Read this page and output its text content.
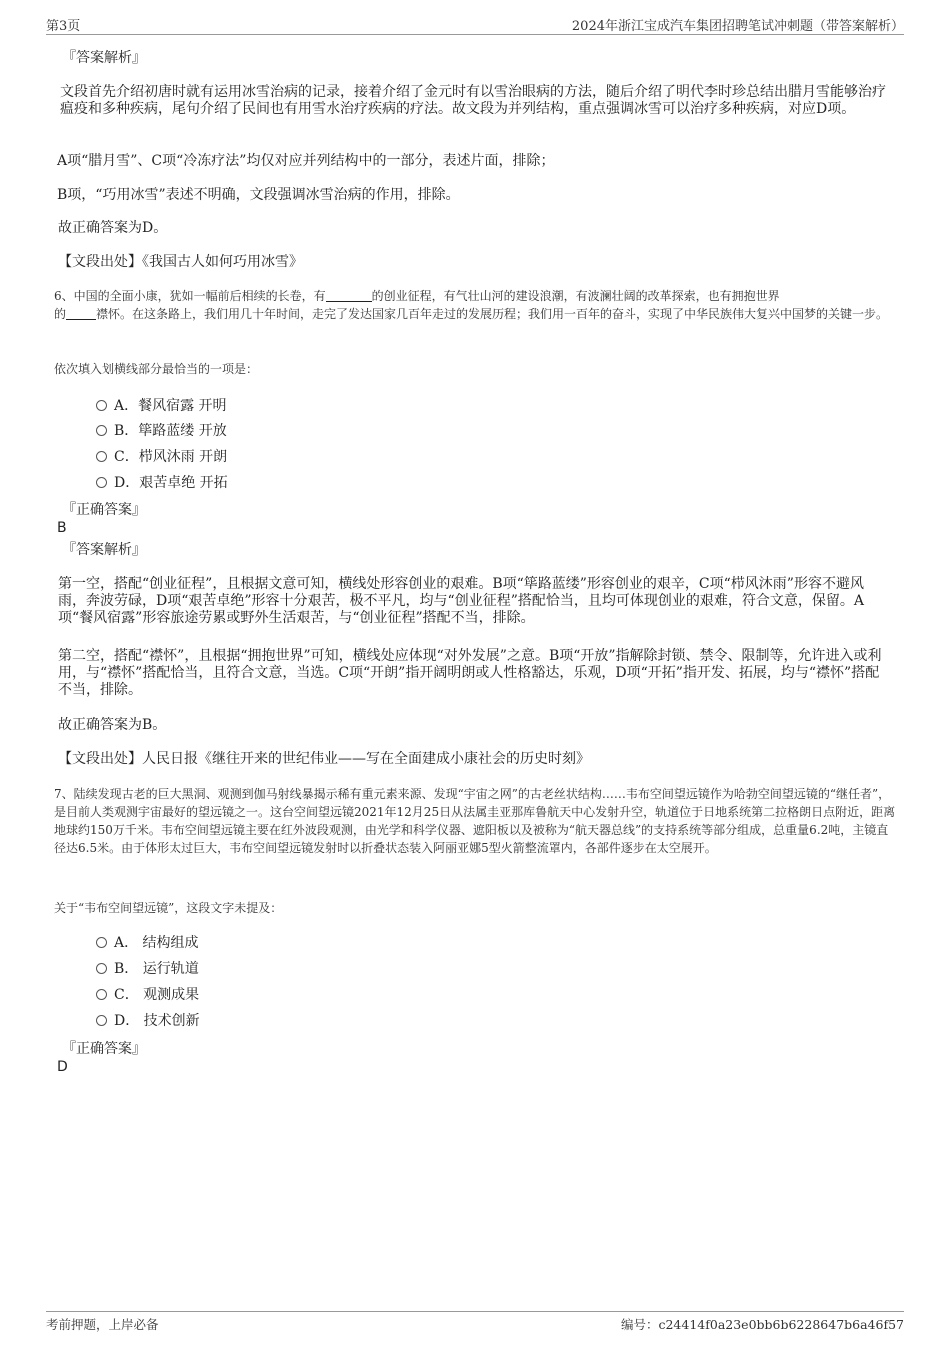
第3页	2024年浙江宝成汽车集团招聘笔试冲刺题（带答案解析）
『答案解析』
文段首先介绍初唐时就有运用冰雪治病的记录，接着介绍了金元时有以雪治眼病的方法，随后介绍了明代李时珍总结出腊月雪能够治疗瘟疫和多种疾病，尾句介绍了民间也有用雪水治疗疾病的疗法。故文段为并列结构，重点强调冰雪可以治疗多种疾病，对应D项。
A项“腊月雪”、C项“冷冻疗法”均仅对应并列结构中的一部分，表述片面，排除；
B项，“巧用冰雪”表述不明确，文段强调冰雪治病的作用，排除。
故正确答案为D。
【文段出处】《我国古人如何巧用冰雪》
6、中国的全面小康，犹如一幅前后相续的长卷，有	的创业征程，有气壮山河的建设浪潮，有波澜壮阔的改革探索，也有拥抱世界
的	襟怀。在这条路上，我们用几十年时间，走完了发达国家几百年走过的发展历程；我们用一百年的奋斗，实现了中华民族伟大复兴中国梦的关键一步。
依次填入划横线部分最恰当的一项是：
A．餐风宿露 开明
B．筚路蓝缕 开放
C．栉风沐雨 开朗
D．艰苦卓绝 开拓
『正确答案』
B
『答案解析』
第一空，搭配“创业征程”，且根据文意可知，横线处形容创业的艰难。B项“筚路蓝缕”形容创业的艰辛，C项“栉风沐雨”形容不避风雨，奔波劳碌，D项“艰苦卓绝”形容十分艰苦，极不平凡，均与“创业征程”搭配恰当，且均可体现创业的艰难，符合文意，保留。A项“餐风宿露”形容旅途劳累或野外生活艰苦，与“创业征程”搭配不当，排除。
第二空，搭配“襟怀”，且根据“拥抱世界”可知，横线处应体现“对外发展”之意。B项“开放”指解除封锁、禁令、限制等，允许进入或利用，与“襟怀”搭配恰当，且符合文意，当选。C项“开朗”指开阔明朗或人性格豁达，乐观，D项“开拓”指开发、拓展，均与“襟怀”搭配不当，排除。
故正确答案为B。
【文段出处】人民日报《继往开来的世纪伟业——写在全面建成小康社会的历史时刻》
7、陆续发现古老的巨大黑洞、观测到伽马射线暴揭示稀有重元素来源、发现“宇宙之网”的古老丝状结构……韦布空间望远镜作为哈勃空间望远镜的“继任者”，是目前人类观测宇宙最好的望远镜之一。这台空间望远镜2021年12月25日从法属圭亚那库鲁航天中心发射升空，轨道位于日地系统第二拉格朗日点附近，距离地球约150万千米。韦布空间望远镜主要在红外波段观测，由光学和科学仪器、遮阳板以及被称为“航天器总线”的支持系统等部分组成，总重量6.2吨，主镜直径达6.5米。由于体形太过巨大，韦布空间望远镜发射时以折叠状态装入阿丽亚娜5型火箭整流罩内，各部件逐步在太空展开。
关于“韦布空间望远镜”，这段文字未提及：
A． 结构组成
B． 运行轨道
C． 观测成果
D． 技术创新
『正确答案』
D
考前押题，上岸必备	编号：c24414f0a23e0bb6b6228647b6a46f57
